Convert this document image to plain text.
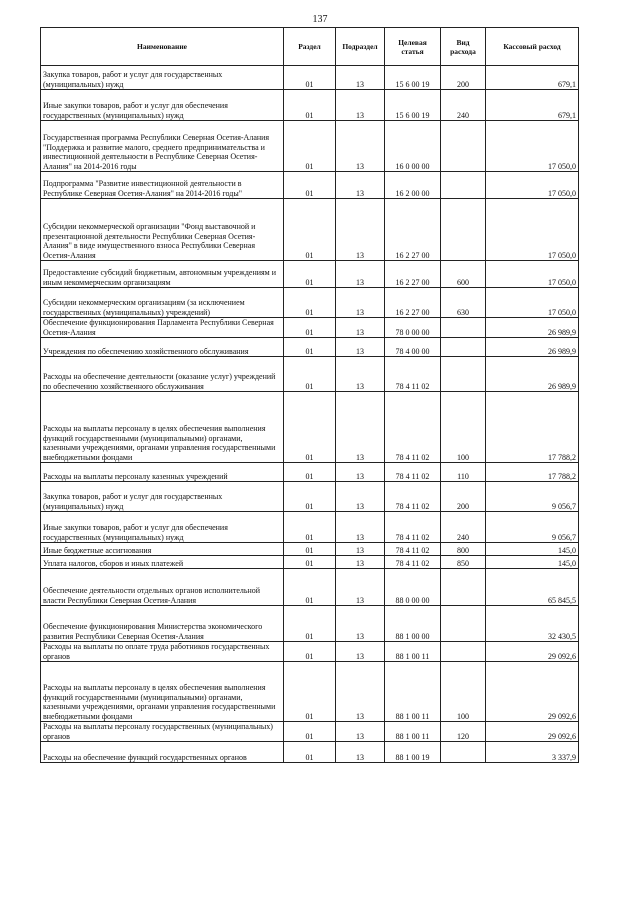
137
Наименование	Раздел	Подраздел	Целевая статья	Вид расхода	Кассовый расход
Закупка товаров, работ и услуг для государственных (муниципальных) нужд	01	13	15 6 00 19	200	679,1
Иные закупки товаров, работ и услуг для обеспечения государственных (муниципальных) нужд	01	13	15 6 00 19	240	679,1
Государственная программа Республики Северная Осетия-Алания "Поддержка и развитие малого, среднего предпринимательства и инвестиционной деятельности в Республике Северная Осетия-Алания" на 2014-2016 годы	01	13	16 0 00 00		17 050,0
Подпрограмма "Развитие инвестиционной деятельности в Республике Северная Осетия-Алания" на 2014-2016 годы"	01	13	16 2 00 00		17 050,0
Субсидии некоммерческой организации "Фонд выставочной и презентационной деятельности Республики Северная Осетия-Алания" в виде имущественного взноса Республики Северная Осетия-Алания	01	13	16 2 27 00		17 050,0
Предоставление субсидий бюджетным, автономным учреждениям и иным некоммерческим организациям	01	13	16 2 27 00	600	17 050,0
Субсидии некоммерческим организациям (за исключением государственных (муниципальных) учреждений)	01	13	16 2 27 00	630	17 050,0
Обеспечение функционирования Парламента Республики Северная Осетия-Алания	01	13	78 0 00 00		26 989,9
Учреждения по обеспечению хозяйственного обслуживания	01	13	78 4 00 00		26 989,9
Расходы на обеспечение деятельности (оказание услуг) учреждений по обеспечению хозяйственного обслуживания	01	13	78 4 11 02		26 989,9
Расходы на выплаты персоналу в целях обеспечения выполнения функций государственными (муниципальными) органами, казенными учреждениями, органами управления государственными внебюджетными фондами	01	13	78 4 11 02	100	17 788,2
Расходы на выплаты персоналу казенных учреждений	01	13	78 4 11 02	110	17 788,2
Закупка товаров, работ и услуг для государственных (муниципальных) нужд	01	13	78 4 11 02	200	9 056,7
Иные закупки товаров, работ и услуг для обеспечения государственных (муниципальных) нужд	01	13	78 4 11 02	240	9 056,7
Иные бюджетные ассигнования	01	13	78 4 11 02	800	145,0
Уплата налогов, сборов и иных платежей	01	13	78 4 11 02	850	145,0
Обеспечение деятельности отдельных органов исполнительной власти Республики Северная Осетия-Алания	01	13	88 0 00 00		65 845,5
Обеспечение функционирования Министерства экономического развития Республики Северная Осетия-Алания	01	13	88 1 00 00		32 430,5
Расходы на выплаты по оплате труда работников государственных органов	01	13	88 1 00 11		29 092,6
Расходы на выплаты персоналу в целях обеспечения выполнения функций государственными (муниципальными) органами, казенными учреждениями, органами управления государственными внебюджетными фондами	01	13	88 1 00 11	100	29 092,6
Расходы на выплаты персоналу государственных (муниципальных) органов	01	13	88 1 00 11	120	29 092,6
Расходы на обеспечение функций государственных органов	01	13	88 1 00 19		3 337,9
